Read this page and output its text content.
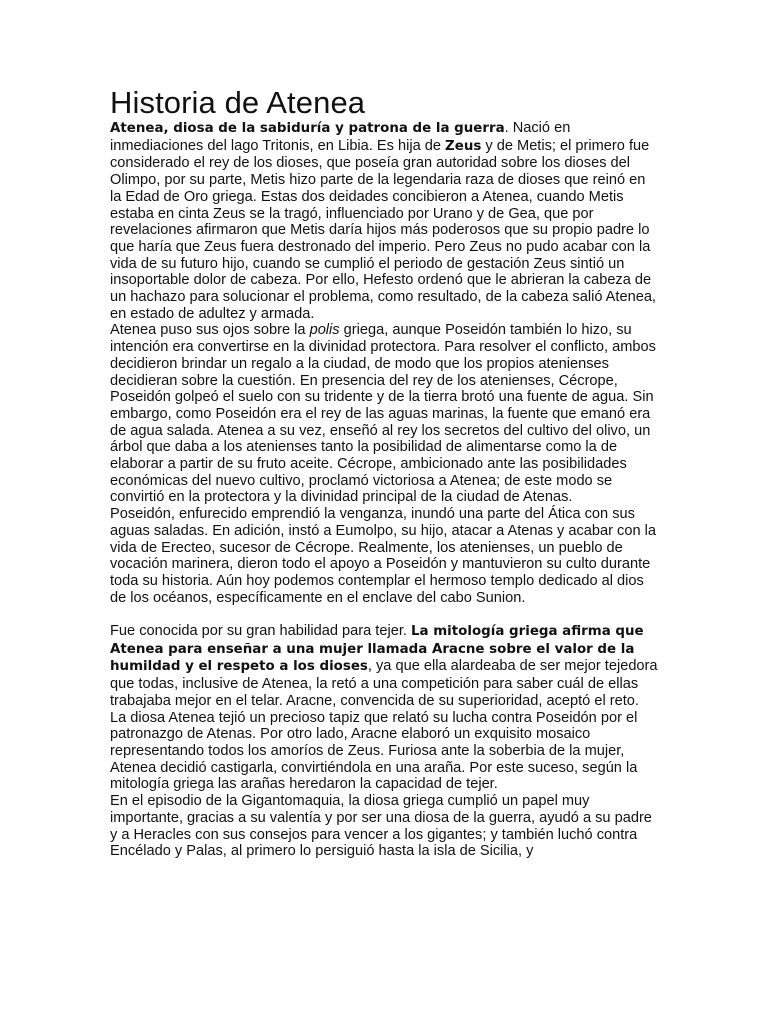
Historia de Atenea

Atenea, diosa de la sabiduría y patrona de la guerra. Nació en inmediaciones del lago Tritonis, en Libia. Es hija de Zeus y de Metis; el primero fue considerado el rey de los dioses, que poseía gran autoridad sobre los dioses del Olimpo, por su parte, Metis hizo parte de la legendaria raza de dioses que reinó en la Edad de Oro griega. Estas dos deidades concibieron a Atenea, cuando Metis estaba en cinta Zeus se la tragó, influenciado por Urano y de Gea, que por revelaciones afirmaron que Metis daría hijos más poderosos que su propio padre lo que haría que Zeus fuera destronado del imperio. Pero Zeus no pudo acabar con la vida de su futuro hijo, cuando se cumplió el periodo de gestación Zeus sintió un insoportable dolor de cabeza. Por ello, Hefesto ordenó que le abrieran la cabeza de un hachazo para solucionar el problema, como resultado, de la cabeza salió Atenea, en estado de adultez y armada.

Atenea puso sus ojos sobre la polis griega, aunque Poseidón también lo hizo, su intención era convertirse en la divinidad protectora. Para resolver el conflicto, ambos decidieron brindar un regalo a la ciudad, de modo que los propios atenienses decidieran sobre la cuestión. En presencia del rey de los atenienses, Cécrope, Poseidón golpeó el suelo con su tridente y de la tierra brotó una fuente de agua. Sin embargo, como Poseidón era el rey de las aguas marinas, la fuente que emanó era de agua salada. Atenea a su vez, enseñó al rey los secretos del cultivo del olivo, un árbol que daba a los atenienses tanto la posibilidad de alimentarse como la de elaborar a partir de su fruto aceite. Cécrope, ambicionado ante las posibilidades económicas del nuevo cultivo, proclamó victoriosa a Atenea; de este modo se convirtió en la protectora y la divinidad principal de la ciudad de Atenas.

Poseidón, enfurecido emprendió la venganza, inundó una parte del Ática con sus aguas saladas. En adición, instó a Eumolpo, su hijo, atacar a Atenas y acabar con la vida de Erecteo, sucesor de Cécrope. Realmente, los atenienses, un pueblo de vocación marinera, dieron todo el apoyo a Poseidón y mantuvieron su culto durante toda su historia. Aún hoy podemos contemplar el hermoso templo dedicado al dios de los océanos, específicamente en el enclave del cabo Sunion.

Fue conocida por su gran habilidad para tejer. La mitología griega afirma que Atenea para enseñar a una mujer llamada Aracne sobre el valor de la humildad y el respeto a los dioses, ya que ella alardeaba de ser mejor tejedora que todas, inclusive de Atenea, la retó a una competición para saber cuál de ellas trabajaba mejor en el telar. Aracne, convencida de su superioridad, aceptó el reto. La diosa Atenea tejió un precioso tapiz que relató su lucha contra Poseidón por el patronazgo de Atenas. Por otro lado, Aracne elaboró un exquisito mosaico representando todos los amoríos de Zeus. Furiosa ante la soberbia de la mujer, Atenea decidió castigarla, convirtiéndola en una araña. Por este suceso, según la mitología griega las arañas heredaron la capacidad de tejer.

En el episodio de la Gigantomaquia, la diosa griega cumplió un papel muy importante, gracias a su valentía y por ser una diosa de la guerra, ayudó a su padre y a Heracles con sus consejos para vencer a los gigantes; y también luchó contra Encélado y Palas, al primero lo persiguió hasta la isla de Sicilia, y
